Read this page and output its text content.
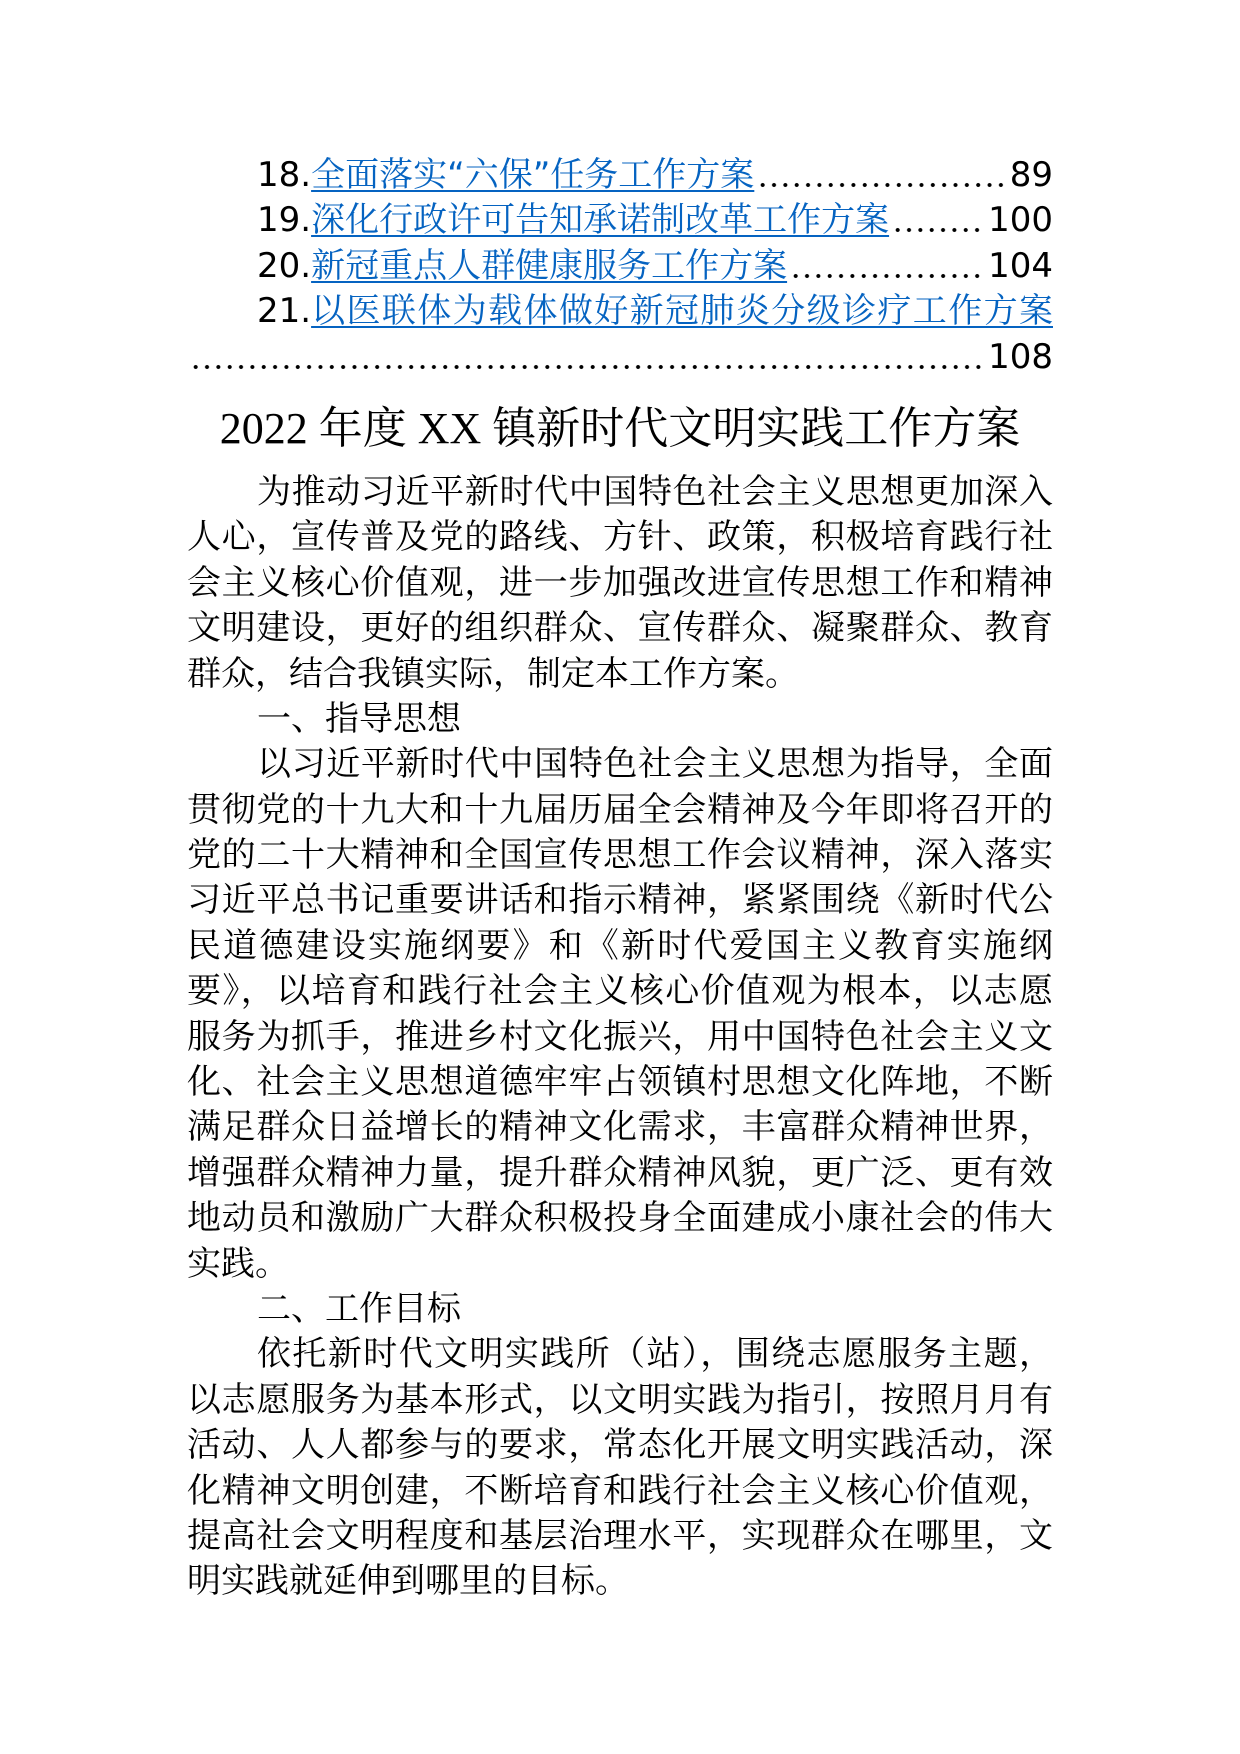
18. 全面落实“六保”任务工作方案	89
19. 深化行政许可告知承诺制改革工作方案	100
20. 新冠重点人群健康服务工作方案	104
21. 以医联体为载体做好新冠肺炎分级诊疗工作方案
108
2022 年度 XX 镇新时代文明实践工作方案
为推动习近平新时代中国特色社会主义思想更加深入
人心，宣传普及党的路线、方针、政策，积极培育践行社
会主义核心价值观，进一步加强改进宣传思想工作和精神
文明建设，更好的组织群众、宣传群众、凝聚群众、教育
群众，结合我镇实际，制定本工作方案。
一、指导思想
以习近平新时代中国特色社会主义思想为指导，全面
贯彻党的十九大和十九届历届全会精神及今年即将召开的
党的二十大精神和全国宣传思想工作会议精神，深入落实
习近平总书记重要讲话和指示精神，紧紧围绕《新时代公
民道德建设实施纲要》和《新时代爱国主义教育实施纲
要》，以培育和践行社会主义核心价值观为根本，以志愿
服务为抓手，推进乡村文化振兴，用中国特色社会主义文
化、社会主义思想道德牢牢占领镇村思想文化阵地，不断
满足群众日益增长的精神文化需求，丰富群众精神世界，
增强群众精神力量，提升群众精神风貌，更广泛、更有效
地动员和激励广大群众积极投身全面建成小康社会的伟大
实践。
二、工作目标
依托新时代文明实践所（站），围绕志愿服务主题，
以志愿服务为基本形式，以文明实践为指引，按照月月有
活动、人人都参与的要求，常态化开展文明实践活动，深
化精神文明创建，不断培育和践行社会主义核心价值观，
提高社会文明程度和基层治理水平，实现群众在哪里，文
明实践就延伸到哪里的目标。
